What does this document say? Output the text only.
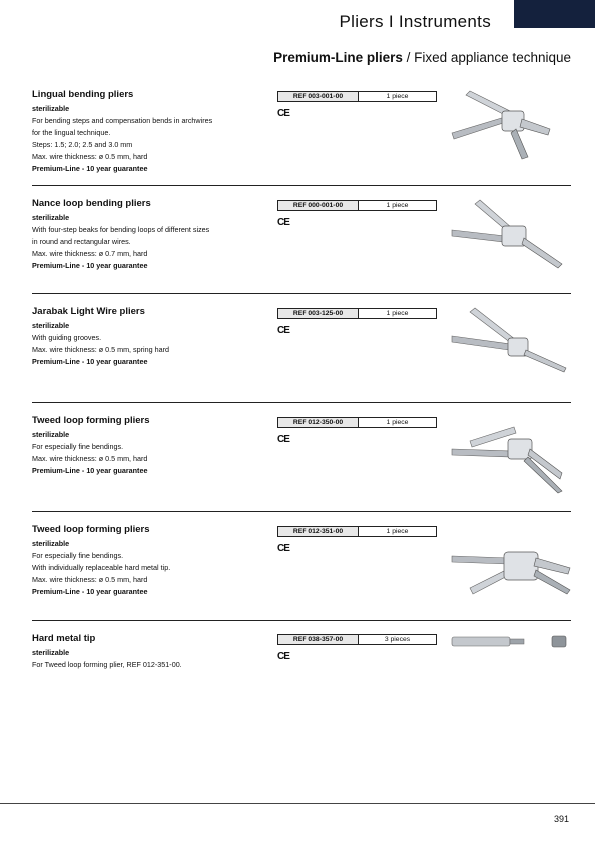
Pliers I Instruments
Premium-Line pliers / Fixed appliance technique
Lingual bending pliers

sterilizable

For bending steps and compensation bends in archwires

for the lingual technique.

Steps: 1.5; 2.0; 2.5 and 3.0 mm

Max. wire thickness: ø 0.5 mm, hard

Premium-Line - 10 year guarantee

REF 003-001-00	1 piece
CE
Nance loop bending pliers

sterilizable

With four-step beaks for bending loops of different sizes

in round and rectangular wires.

Max. wire thickness: ø 0.7 mm, hard

Premium-Line - 10 year guarantee

REF 000-001-00	1 piece
CE
Jarabak Light Wire pliers

sterilizable

With guiding grooves.

Max. wire thickness: ø 0.5 mm, spring hard

Premium-Line - 10 year guarantee

REF 003-125-00	1 piece
CE
Tweed loop forming pliers

sterilizable

For especially fine bendings.

Max. wire thickness: ø 0.5 mm, hard

Premium-Line - 10 year guarantee

REF 012-350-00	1 piece
CE
Tweed loop forming pliers

sterilizable

For especially fine bendings.

With individually replaceable hard metal tip.

Max. wire thickness: ø 0.5 mm, hard

Premium-Line - 10 year guarantee

REF 012-351-00	1 piece
CE
Hard metal tip

sterilizable

For Tweed loop forming plier, REF 012-351-00.

REF 038-357-00	3 pieces
CE
391
